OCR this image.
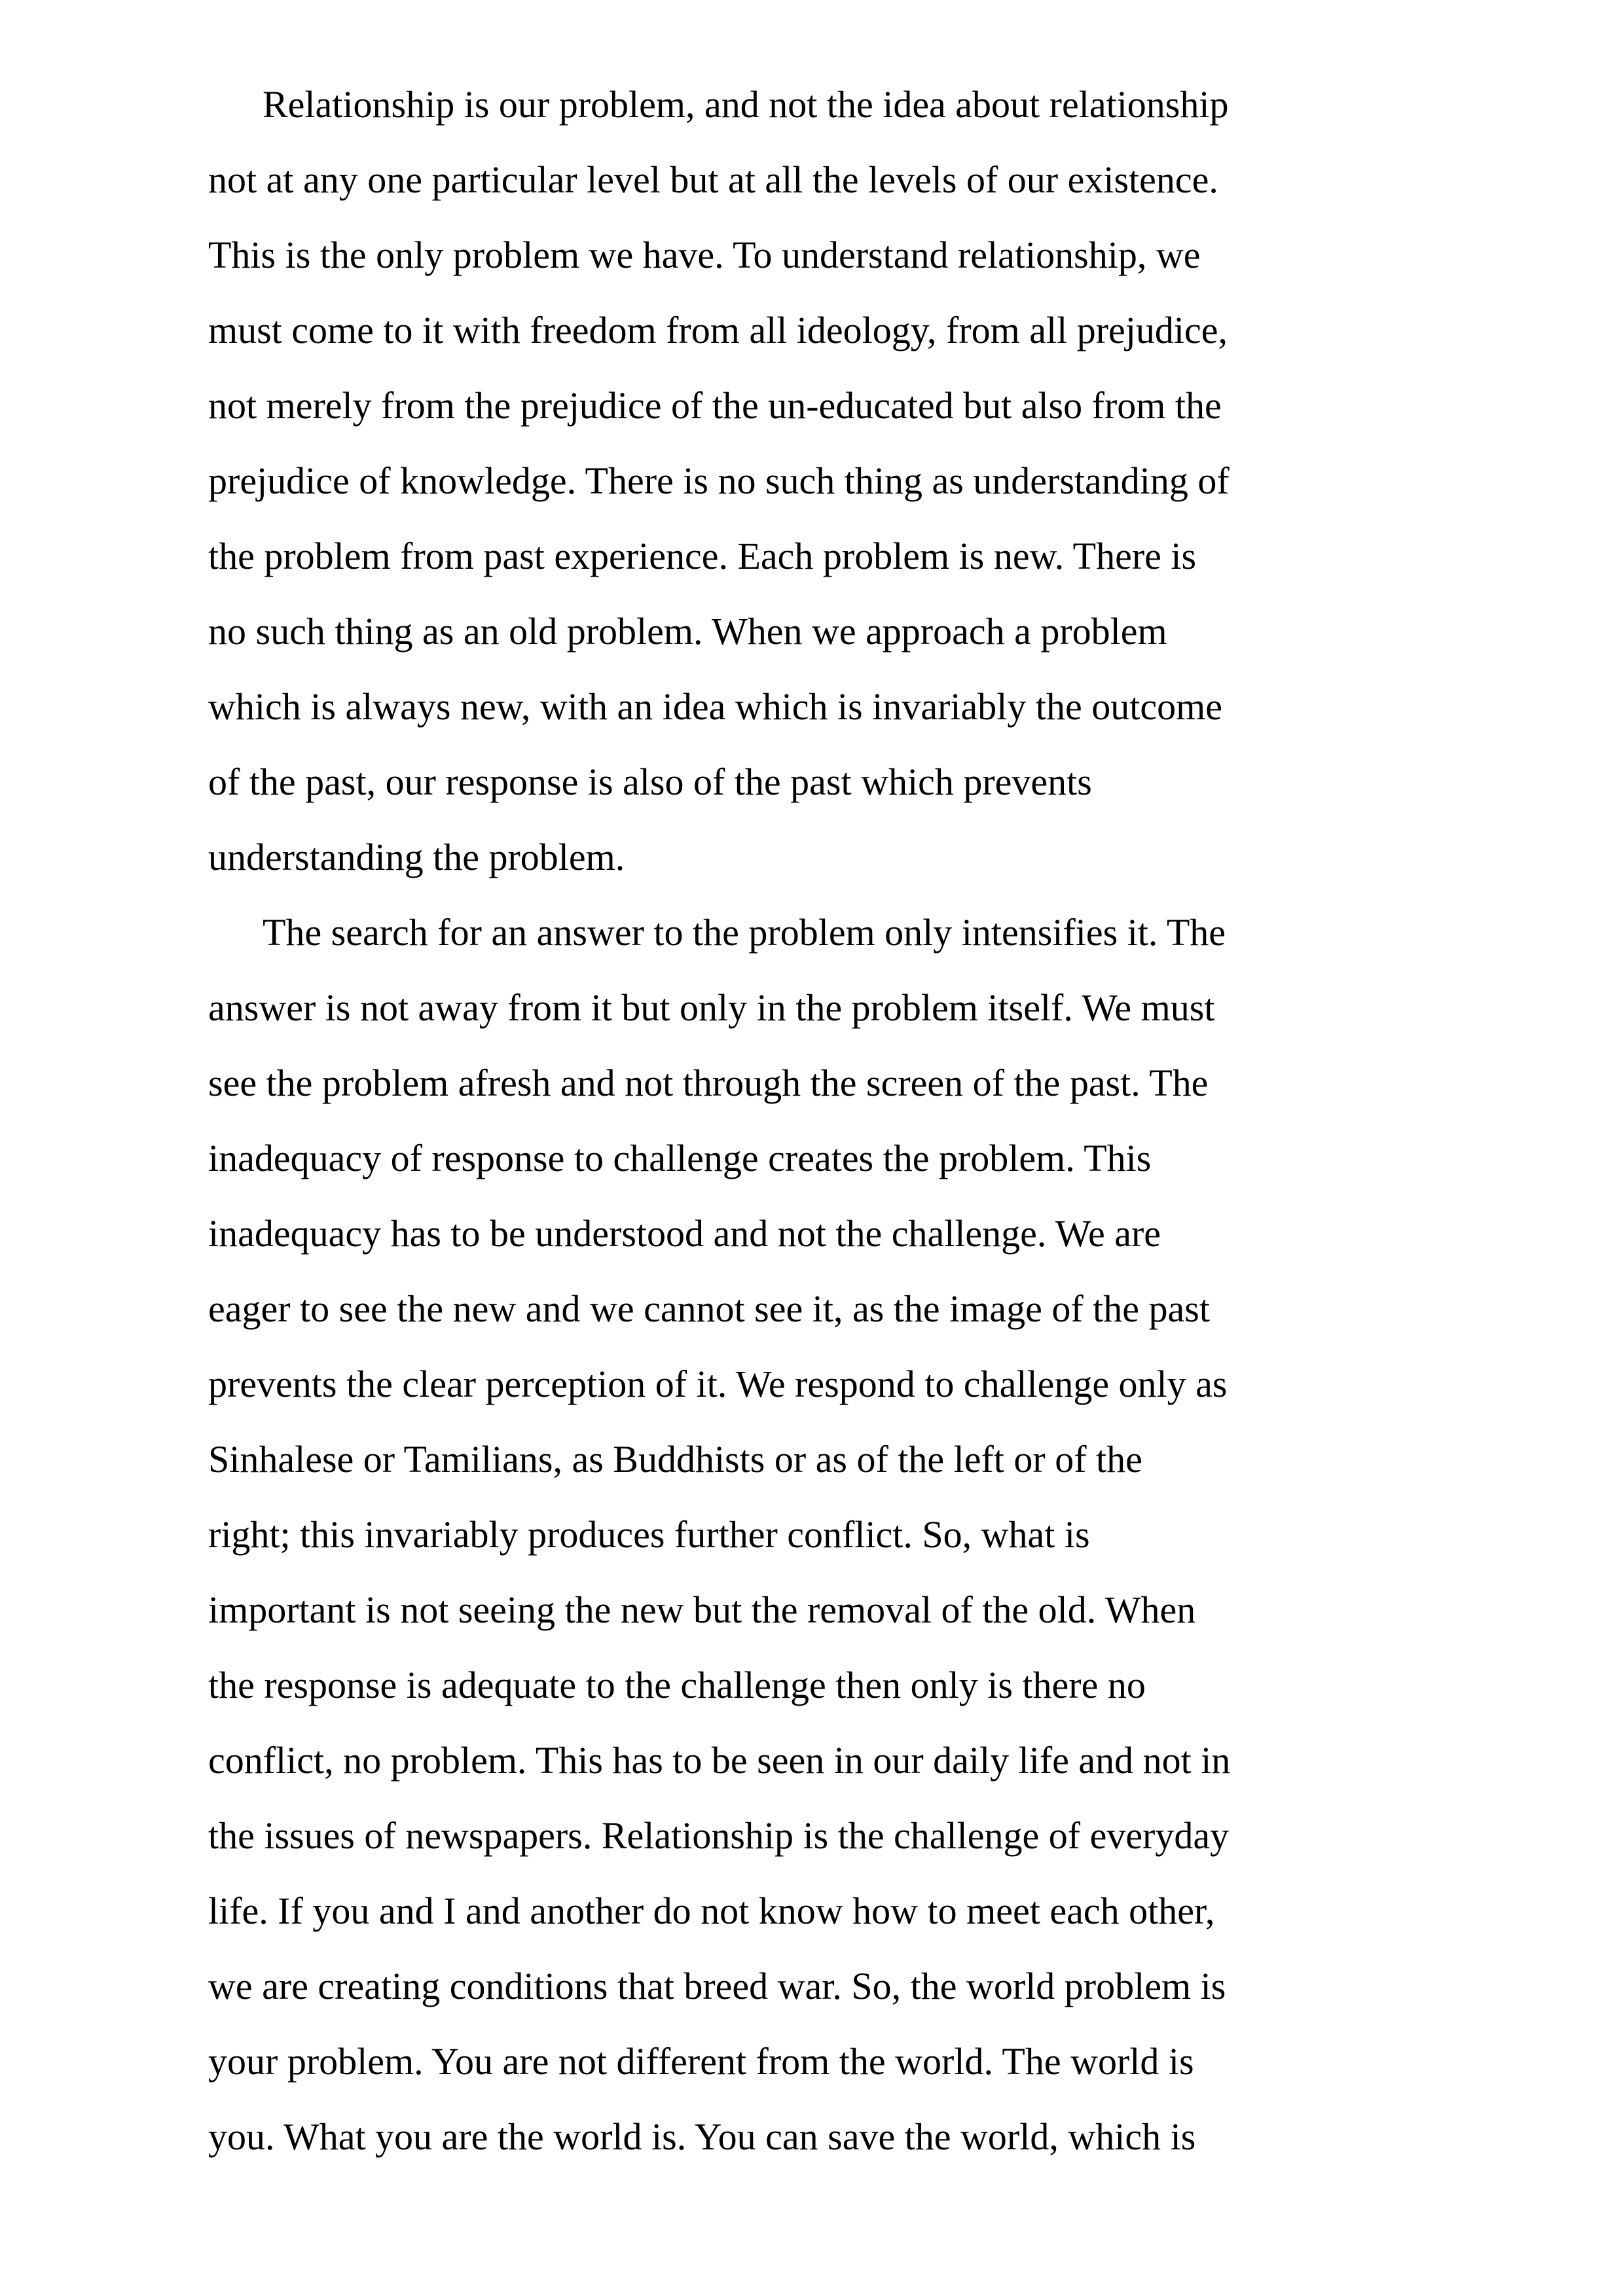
Relationship is our problem, and not the idea about relationship
not at any one particular level but at all the levels of our existence.
This is the only problem we have. To understand relationship, we
must come to it with freedom from all ideology, from all prejudice,
not merely from the prejudice of the un-educated but also from the
prejudice of knowledge. There is no such thing as understanding of
the problem from past experience. Each problem is new. There is
no such thing as an old problem. When we approach a problem
which is always new, with an idea which is invariably the outcome
of the past, our response is also of the past which prevents
understanding the problem.
The search for an answer to the problem only intensifies it. The
answer is not away from it but only in the problem itself. We must
see the problem afresh and not through the screen of the past. The
inadequacy of response to challenge creates the problem. This
inadequacy has to be understood and not the challenge. We are
eager to see the new and we cannot see it, as the image of the past
prevents the clear perception of it. We respond to challenge only as
Sinhalese or Tamilians, as Buddhists or as of the left or of the
right; this invariably produces further conflict. So, what is
important is not seeing the new but the removal of the old. When
the response is adequate to the challenge then only is there no
conflict, no problem. This has to be seen in our daily life and not in
the issues of newspapers. Relationship is the challenge of everyday
life. If you and I and another do not know how to meet each other,
we are creating conditions that breed war. So, the world problem is
your problem. You are not different from the world. The world is
you. What you are the world is. You can save the world, which is
